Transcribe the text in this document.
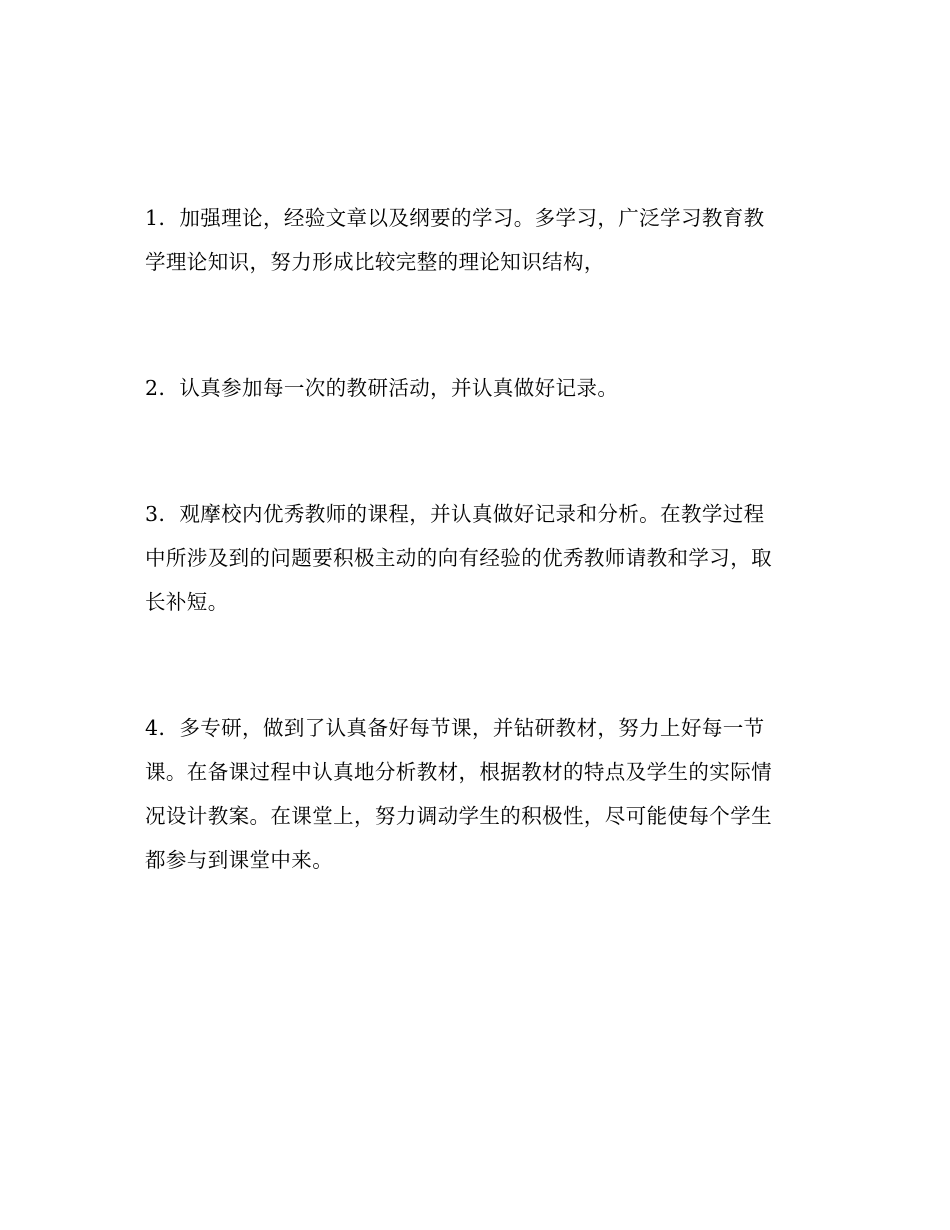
1．加强理论，经验文章以及纲要的学习。多学习，广泛学习教育教
学理论知识，努力形成比较完整的理论知识结构，
2．认真参加每一次的教研活动，并认真做好记录。
3．观摩校内优秀教师的课程，并认真做好记录和分析。在教学过程
中所涉及到的问题要积极主动的向有经验的优秀教师请教和学习，取
长补短。
4．多专研，做到了认真备好每节课，并钻研教材，努力上好每一节
课。在备课过程中认真地分析教材，根据教材的特点及学生的实际情
况设计教案。在课堂上，努力调动学生的积极性，尽可能使每个学生
都参与到课堂中来。
